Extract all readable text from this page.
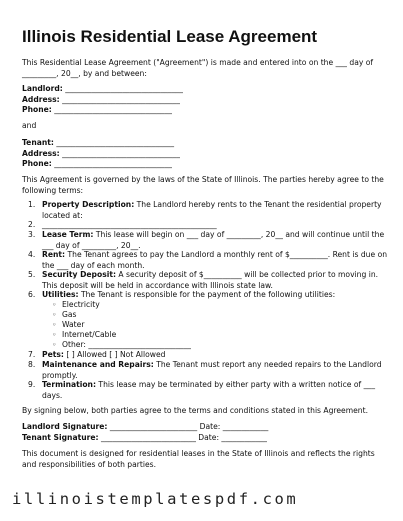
Illinois Residential Lease Agreement
This Residential Lease Agreement ("Agreement") is made and entered into on the ___ day of _________, 20__, by and between:
Landlord: _______________________________
Address: _______________________________
Phone: _______________________________
and
Tenant: _______________________________
Address: _______________________________
Phone: _______________________________
This Agreement is governed by the laws of the State of Illinois. The parties hereby agree to the following terms:
1. Property Description: The Landlord hereby rents to the Tenant the residential property located at:
2. ______________________________________________
3. Lease Term: This lease will begin on ___ day of _________, 20__ and will continue until the ___ day of _________, 20__.
4. Rent: The Tenant agrees to pay the Landlord a monthly rent of $__________. Rent is due on the ___ day of each month.
5. Security Deposit: A security deposit of $__________ will be collected prior to moving in. This deposit will be held in accordance with Illinois state law.
6. Utilities: The Tenant is responsible for the payment of the following utilities:
◦ Electricity
◦ Gas
◦ Water
◦ Internet/Cable
◦ Other: ___________________________
7. Pets: [ ] Allowed [ ] Not Allowed
8. Maintenance and Repairs: The Tenant must report any needed repairs to the Landlord promptly.
9. Termination: This lease may be terminated by either party with a written notice of ___ days.
By signing below, both parties agree to the terms and conditions stated in this Agreement.
Landlord Signature: _______________________ Date: ____________
Tenant Signature: _________________________ Date: ____________
This document is designed for residential leases in the State of Illinois and reflects the rights and responsibilities of both parties.
illinoistemplatespdf.com
